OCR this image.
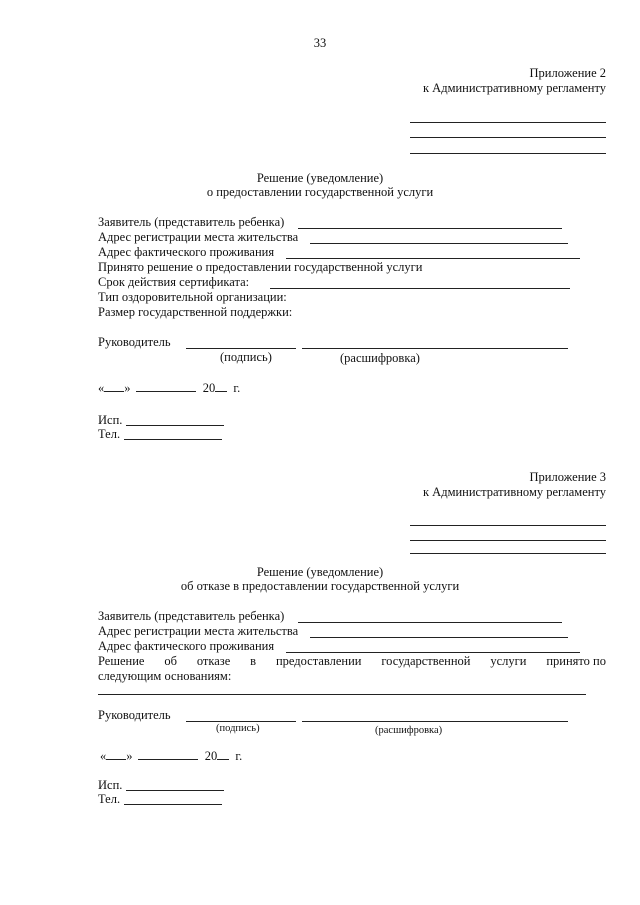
33
Приложение 2
к Административному регламенту
Решение (уведомление)
о предоставлении государственной услуги
Заявитель (представитель ребенка)
Адрес регистрации места жительства
Адрес фактического проживания
Принято решение о предоставлении государственной услуги
Срок действия сертификата:
Тип оздоровительной организации:
Размер государственной поддержки:
Руководитель
(подпись)	(расшифровка)
« »	20 г.
Исп.
Тел.
Приложение 3
к Административному регламенту
Решение (уведомление)
об отказе в предоставлении государственной услуги
Заявитель (представитель ребенка)
Адрес регистрации места жительства
Адрес фактического проживания
Решение об отказе в предоставлении государственной услуги принято по
следующим основаниям:
Руководитель
(подпись)	(расшифровка)
« »	20 г.
Исп.
Тел.
